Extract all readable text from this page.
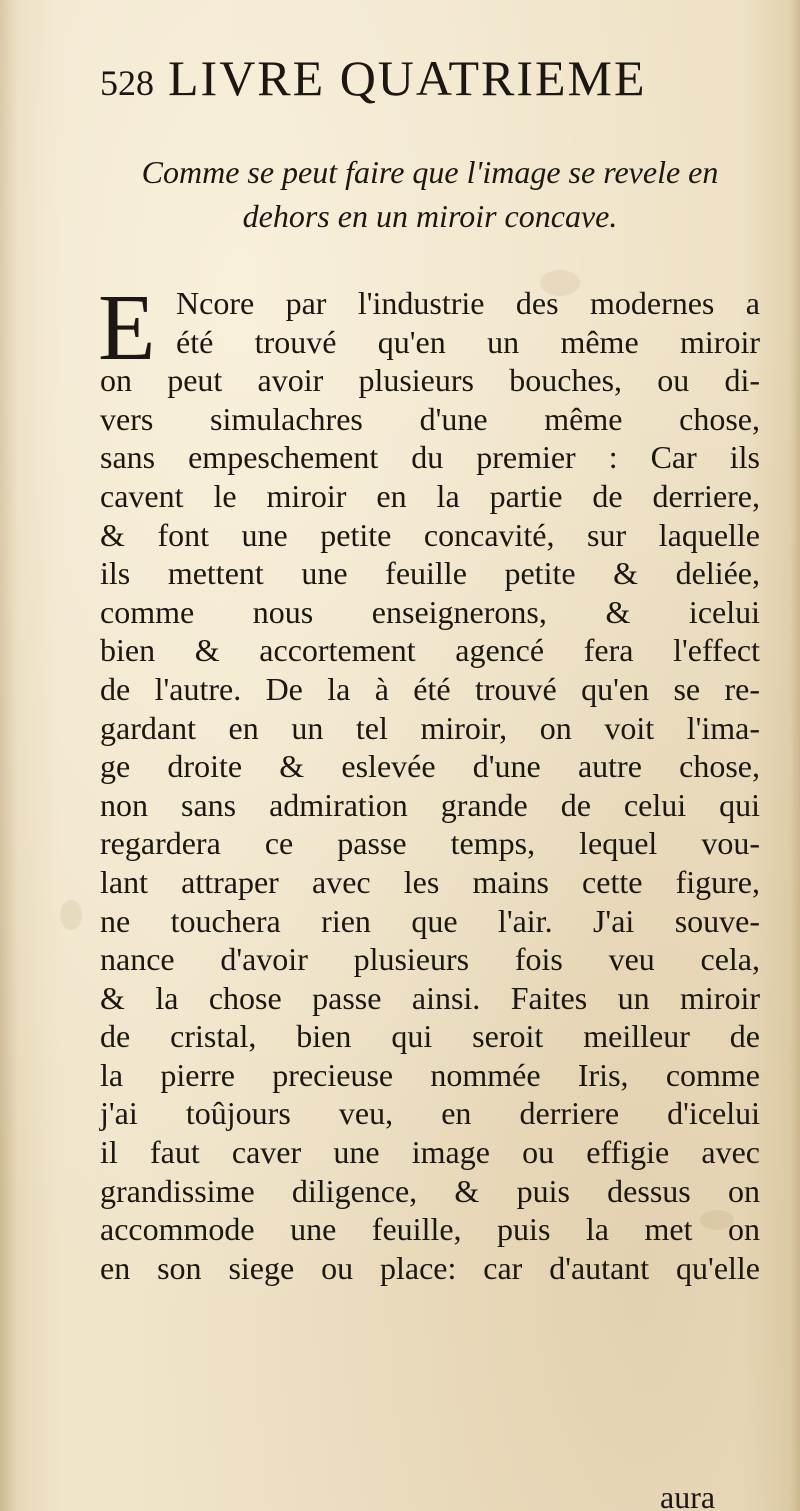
528 LIVRE QUATRIEME
Comme se peut faire que l'image se revele en
dehors en un miroir concave.
E Ncore par l'industrie des modernes a
été trouvé qu'en un même miroir
on peut avoir plusieurs bouches, ou di-
vers simulachres d'une même chose,
sans empeschement du premier : Car ils
cavent le miroir en la partie de derriere,
& font une petite concavité, sur laquelle
ils mettent une feuille petite & deliée,
comme nous enseignerons, & icelui
bien & accortement agencé fera l'effect
de l'autre. De la à été trouvé qu'en se re-
gardant en un tel miroir, on voit l'ima-
ge droite & eslevée d'une autre chose,
non sans admiration grande de celui qui
regardera ce passe temps, lequel vou-
lant attraper avec les mains cette figure,
ne touchera rien que l'air. J'ai souve-
nance d'avoir plusieurs fois veu cela,
& la chose passe ainsi. Faites un miroir
de cristal, bien qui seroit meilleur de
la pierre precieuse nommée Iris, comme
j'ai toûjours veu, en derriere d'icelui
il faut caver une image ou effigie avec
grandissime diligence, & puis dessus on
accommode une feuille, puis la met on
en son siege ou place: car d'autant qu'elle
aura
